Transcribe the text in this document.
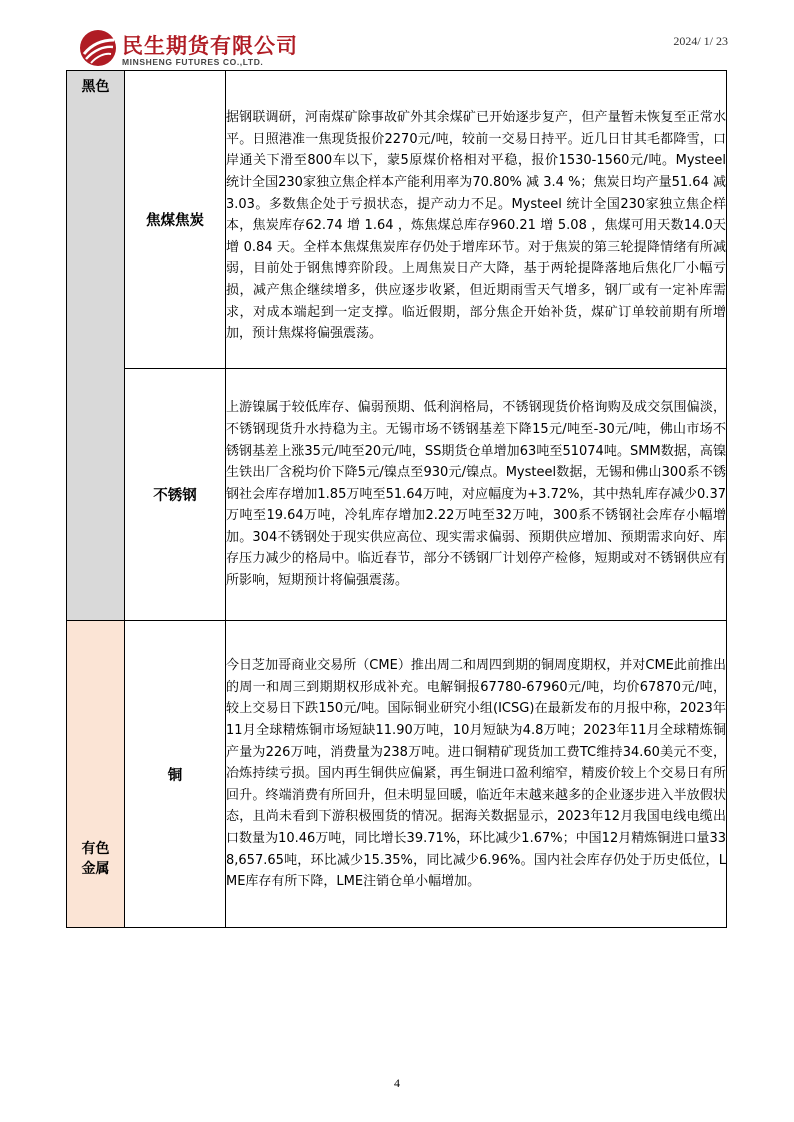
民生期货有限公司
MINSHENG FUTURES CO.,LTD.
2024/ 1/ 23
黑色	焦煤焦炭	据钢联调研，河南煤矿除事故矿外其余煤矿已开始逐步复产，但产量暂未恢复至正常水平。日照港准一焦现货报价2270元/吨，较前一交易日持平。近几日甘其毛都降雪，口岸通关下滑至800车以下，蒙5原煤价格相对平稳，报价1530-1560元/吨。Mysteel 统计全国230家独立焦企样本产能利用率为70.80% 减 3.4 %；焦炭日均产量51.64 减 3.03。多数焦企处于亏损状态，提产动力不足。Mysteel 统计全国230家独立焦企样本，焦炭库存62.74 增 1.64 ，炼焦煤总库存960.21 增 5.08 ，焦煤可用天数14.0天增 0.84 天。全样本焦煤焦炭库存仍处于增库环节。对于焦炭的第三轮提降情绪有所减弱，目前处于钢焦博弈阶段。上周焦炭日产大降，基于两轮提降落地后焦化厂小幅亏损，减产焦企继续增多，供应逐步收紧，但近期雨雪天气增多，钢厂或有一定补库需求，对成本端起到一定支撑。临近假期，部分焦企开始补货，煤矿订单较前期有所增加，预计焦煤将偏强震荡。
	不锈钢	上游镍属于较低库存、偏弱预期、低利润格局，不锈钢现货价格询购及成交氛围偏淡，不锈钢现货升水持稳为主。无锡市场不锈钢基差下降15元/吨至-30元/吨，佛山市场不锈钢基差上涨35元/吨至20元/吨，SS期货仓单增加63吨至51074吨。SMM数据，高镍生铁出厂含税均价下降5元/镍点至930元/镍点。Mysteel数据，无锡和佛山300系不锈钢社会库存增加1.85万吨至51.64万吨，对应幅度为+3.72%，其中热轧库存减少0.37万吨至19.64万吨，冷轧库存增加2.22万吨至32万吨，300系不锈钢社会库存小幅增加。304不锈钢处于现实供应高位、现实需求偏弱、预期供应增加、预期需求向好、库存压力减少的格局中。临近春节，部分不锈钢厂计划停产检修，短期或对不锈钢供应有所影响，短期预计将偏强震荡。
有色金属	铜	今日芝加哥商业交易所（CME）推出周二和周四到期的铜周度期权，并对CME此前推出的周一和周三到期期权形成补充。电解铜报67780-67960元/吨，均价67870元/吨，较上交易日下跌150元/吨。国际铜业研究小组(ICSG)在最新发布的月报中称，2023年11月全球精炼铜市场短缺11.90万吨，10月短缺为4.8万吨；2023年11月全球精炼铜产量为226万吨，消费量为238万吨。进口铜精矿现货加工费TC维持34.60美元不变，冶炼持续亏损。国内再生铜供应偏紧，再生铜进口盈利缩窄，精废价较上个交易日有所回升。终端消费有所回升，但未明显回暖，临近年末越来越多的企业逐步进入半放假状态，且尚未看到下游积极囤货的情况。据海关数据显示，2023年12月我国电线电缆出口数量为10.46万吨，同比增长39.71%，环比减少1.67%；中国12月精炼铜进口量338,657.65吨，环比减少15.35%，同比减少6.96%。国内社会库存仍处于历史低位，LME库存有所下降，LME注销仓单小幅增加。
4
